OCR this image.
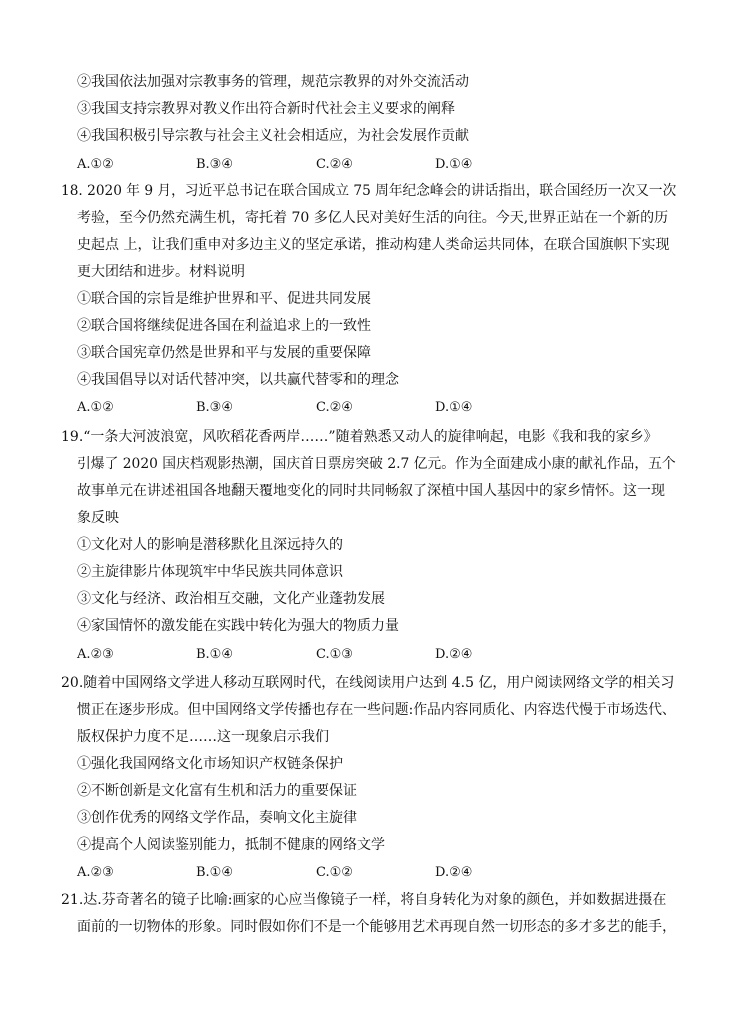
②我国依法加强对宗教事务的管理，规范宗教界的对外交流活动
③我国支持宗教界对教义作出符合新时代社会主义要求的阐释
④我国积极引导宗教与社会主义社会相适应，为社会发展作贡献
A.①②	B.③④	C.②④	D.①④
18. 2020 年 9 月，习近平总书记在联合国成立 75 周年纪念峰会的讲话指出，联合国经历一次又一次
考验，至今仍然充满生机，寄托着 70 多亿人民对美好生活的向往。今天,世界正站在一个新的历
史起点 上，让我们重申对多边主义的坚定承诺，推动构建人类命运共同体，在联合国旗帜下实现
更大团结和进步。材料说明
①联合国的宗旨是维护世界和平、促进共同发展
②联合国将继续促进各国在利益追求上的一致性
③联合国宪章仍然是世界和平与发展的重要保障
④我国倡导以对话代替冲突，以共赢代替零和的理念
A.①②	B.③④	C.②④	D.①④
19.“一条大河波浪宽，风吹稻花香两岸……”随着熟悉又动人的旋律响起，电影《我和我的家乡》
引爆了 2020 国庆档观影热潮，国庆首日票房突破 2.7 亿元。作为全面建成小康的献礼作品，五个
故事单元在讲述祖国各地翻天覆地变化的同时共同畅叙了深植中国人基因中的家乡情怀。这一现
象反映
①文化对人的影响是潜移默化且深远持久的
②主旋律影片体现筑牢中华民族共同体意识
③文化与经济、政治相互交融，文化产业蓬勃发展
④家国情怀的激发能在实践中转化为强大的物质力量
A.②③	B.①④	C.①③	D.②④
20.随着中国网络文学进人移动互联网时代，在线阅读用户达到 4.5 亿，用户阅读网络文学的相关习
惯正在逐步形成。但中国网络文学传播也存在一些问题:作品内容同质化、内容迭代慢于市场迭代、
版权保护力度不足……这一现象启示我们
①强化我国网络文化市场知识产权链条保护
②不断创新是文化富有生机和活力的重要保证
③创作优秀的网络文学作品，奏响文化主旋律
④提高个人阅读鉴别能力，抵制不健康的网络文学
A.②③	B.①④	C.①②	D.②④
21.达.芬奇著名的镜子比喻:画家的心应当像镜子一样，将自身转化为对象的颜色，并如数据进摄在
面前的一切物体的形象。同时假如你们不是一个能够用艺术再现自然一切形态的多才多艺的能手，
